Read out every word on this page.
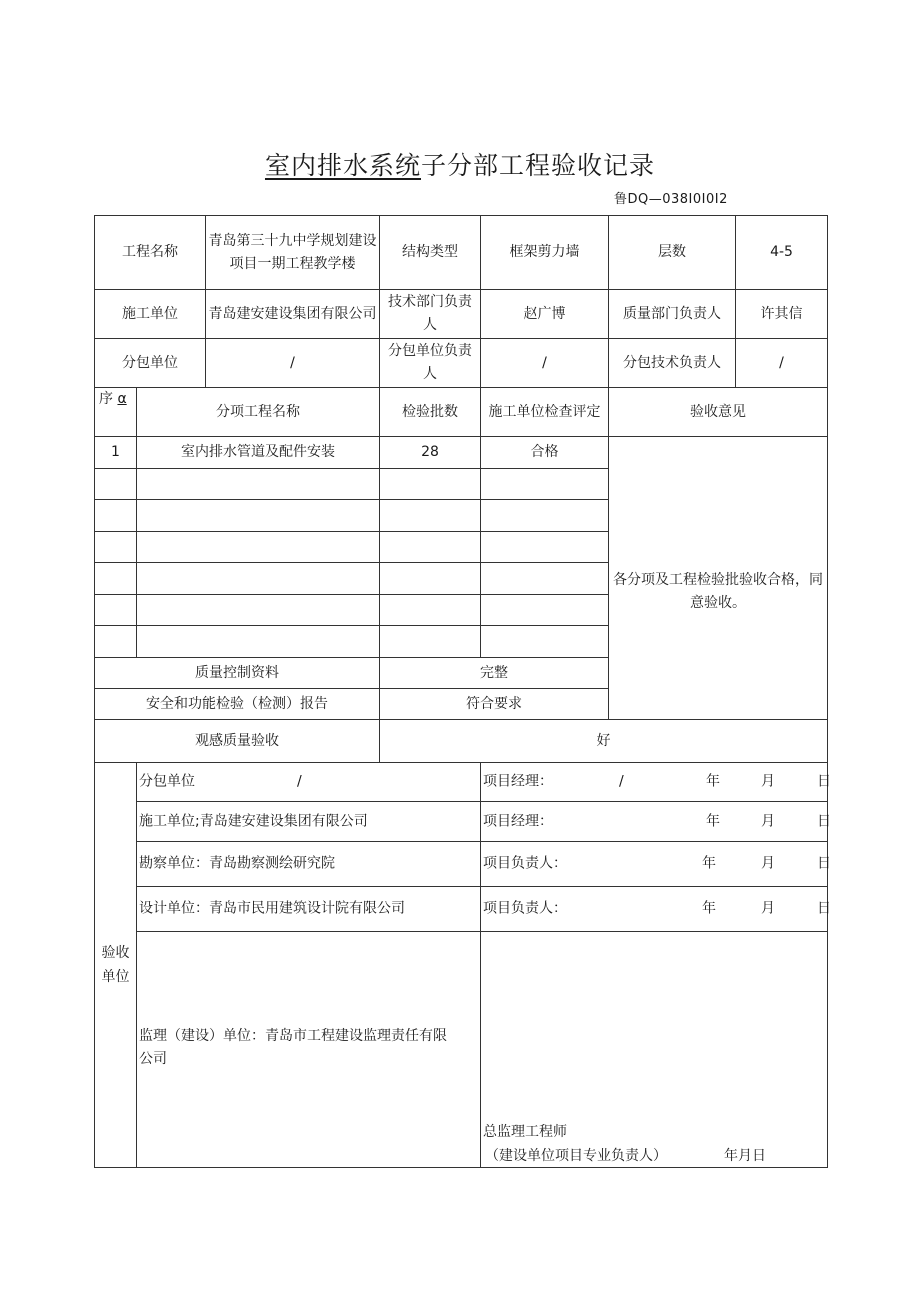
室内排水系统子分部工程验收记录
鲁DQ—038I0I0I2
工程名称		青岛第三十九中学规划建设项目一期工程教学楼	结构类型	框架剪力墙	层数	4-5
施工单位		青岛建安建设集团有限公司	技术部门负责人	赵广博	质量部门负责人	许其信
分包单位		/	分包单位负责人	/	分包技术负责人	/

序 α	分项工程名称		检验批数	施工单位检查评定	验收意见	
1	室内排水管道及配件安装		28	合格	各分项及工程检验批验收合格，同意验收。	

质量控制资料			完整			
安全和功能检验（检测）报告			符合要求			
观感质量验收			好			

验收单位	分包单位 /			项目经理： / 年 月 日		

	施工单位;青岛建安建设集团有限公司			项目经理： 年 月 日		

	勘察单位：青岛勘察测绘研究院			项目负责人： 年 月 日		

	设计单位：青岛市民用建筑设计院有限公司			项目负责人： 年 月 日		

	监理（建设）单位：青岛市工程建设监理责任有限公司			总监理工程师
（建设单位项目专业负责人） 年月日		
